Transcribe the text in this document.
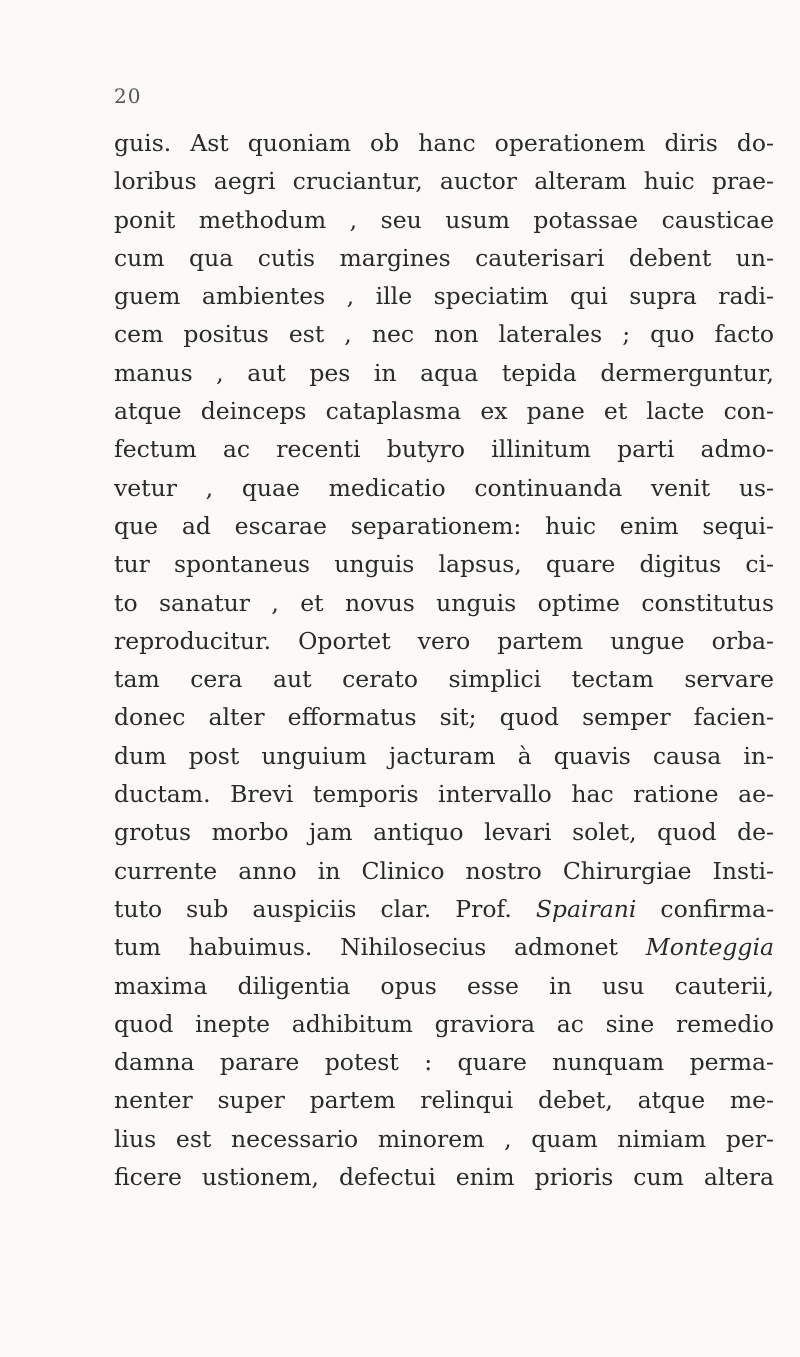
20
guis. Ast quoniam ob hanc operationem diris do-
loribus aegri cruciantur, auctor alteram huic prae-
ponit methodum , seu usum potassae causticae
cum qua cutis margines cauterisari debent un-
guem ambientes , ille speciatim qui supra radi-
cem positus est , nec non laterales ; quo facto
manus , aut pes in aqua tepida dermerguntur,
atque deinceps cataplasma ex pane et lacte con-
fectum ac recenti butyro illinitum parti admo-
vetur , quae medicatio continuanda venit us-
que ad escarae separationem: huic enim sequi-
tur spontaneus unguis lapsus, quare digitus ci-
to sanatur , et novus unguis optime constitutus
reproducitur. Oportet vero partem ungue orba-
tam cera aut cerato simplici tectam servare
donec alter efformatus sit; quod semper facien-
dum post unguium jacturam à quavis causa in-
ductam. Brevi temporis intervallo hac ratione ae-
grotus morbo jam antiquo levari solet, quod de-
currente anno in Clinico nostro Chirurgiae Insti-
tuto sub auspiciis clar. Prof. Spairani confirma-
tum habuimus. Nihilosecius admonet Monteggia
maxima diligentia opus esse in usu cauterii,
quod inepte adhibitum graviora ac sine remedio
damna parare potest : quare nunquam perma-
nenter super partem relinqui debet, atque me-
lius est necessario minorem , quam nimiam per-
ficere ustionem, defectui enim prioris cum altera
